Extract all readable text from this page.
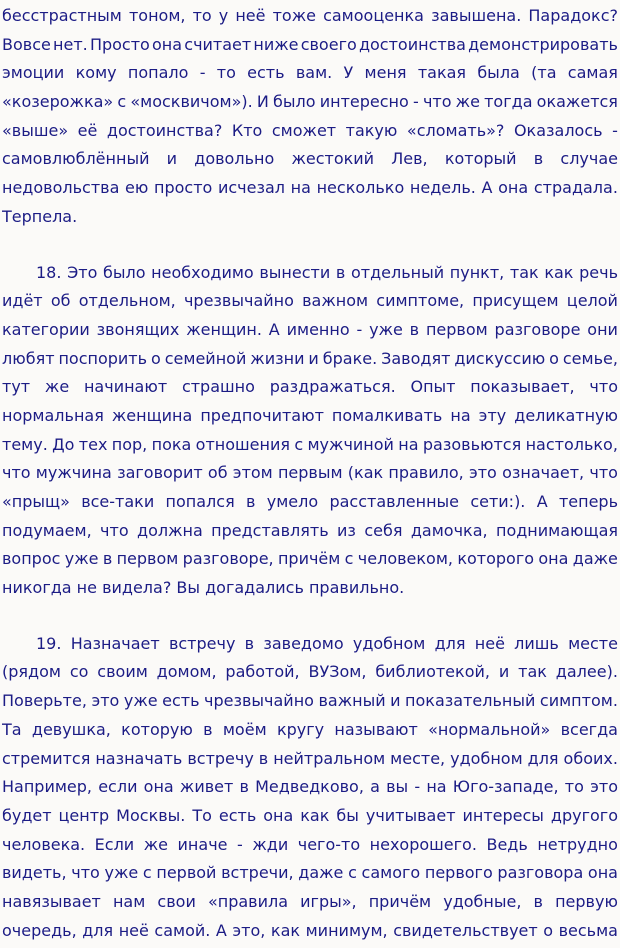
бесстрастным тоном, то у неё тоже самооценка завышена. Парадокс?
Вовсе нет. Просто она считает ниже своего достоинства демонстрировать
эмоции кому попало - то есть вам. У меня такая была (та самая
«козерожка» с «москвичом»). И было интересно - что же тогда окажется
«выше» её достоинства? Кто сможет такую «сломать»? Оказалось -
самовлюблённый и довольно жестокий Лев, который в случае
недовольства ею просто исчезал на несколько недель. А она страдала.
Терпела.
18. Это было необходимо вынести в отдельный пункт, так как речь
идёт об отдельном, чрезвычайно важном симптоме, присущем целой
категории звонящих женщин. А именно - уже в первом разговоре они
любят поспорить о семейной жизни и браке. Заводят дискуссию о семье,
тут же начинают страшно раздражаться. Опыт показывает, что
нормальная женщина предпочитают помалкивать на эту деликатную
тему. До тех пор, пока отношения с мужчиной на разовьются настолько,
что мужчина заговорит об этом первым (как правило, это означает, что
«прыщ» все-таки попался в умело расставленные сети:). А теперь
подумаем, что должна представлять из себя дамочка, поднимающая
вопрос уже в первом разговоре, причём с человеком, которого она даже
никогда не видела? Вы догадались правильно.
19. Назначает встречу в заведомо удобном для неё лишь месте
(рядом со своим домом, работой, ВУЗом, библиотекой, и так далее).
Поверьте, это уже есть чрезвычайно важный и показательный симптом.
Та девушка, которую в моём кругу называют «нормальной» всегда
стремится назначать встречу в нейтральном месте, удобном для обоих.
Например, если она живет в Медведково, а вы - на Юго-западе, то это
будет центр Москвы. То есть она как бы учитывает интересы другого
человека. Если же иначе - жди чего-то нехорошего. Ведь нетрудно
видеть, что уже с первой встречи, даже с самого первого разговора она
навязывает нам свои «правила игры», причём удобные, в первую
очередь, для неё самой. А это, как минимум, свидетельствует о весьма
